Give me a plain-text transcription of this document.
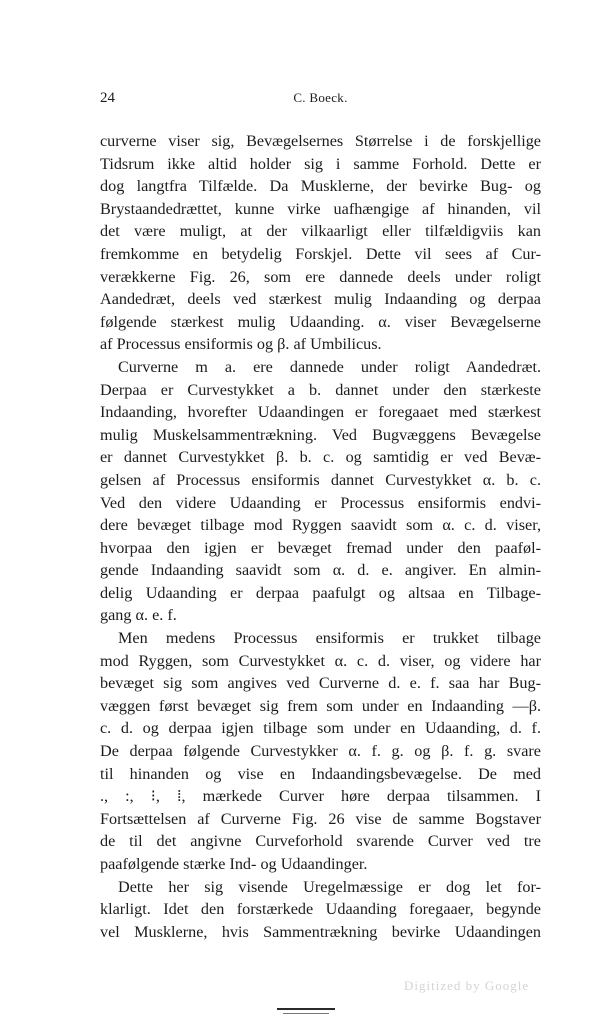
24	C. Boeck.
curverne viser sig, Bevægelsernes Størrelse i de forskjellige
Tidsrum ikke altid holder sig i samme Forhold. Dette er
dog langtfra Tilfælde. Da Musklerne, der bevirke Bug- og
Brystaandedrættet, kunne virke uafhængige af hinanden, vil
det være muligt, at der vilkaarligt eller tilfældigviis kan
fremkomme en betydelig Forskjel. Dette vil sees af Cur-
verækkerne Fig. 26, som ere dannede deels under roligt
Aandedræt, deels ved stærkest mulig Indaanding og derpaa
følgende stærkest mulig Udaanding. α. viser Bevægelserne
af Processus ensiformis og β. af Umbilicus.
Curverne m a. ere dannede under roligt Aandedræt.
Derpaa er Curvestykket a b. dannet under den stærkeste
Indaanding, hvorefter Udaandingen er foregaaet med stærkest
mulig Muskelsammentrækning. Ved Bugvæggens Bevægelse
er dannet Curvestykket β. b. c. og samtidig er ved Bevæ-
gelsen af Processus ensiformis dannet Curvestykket α. b. c.
Ved den videre Udaanding er Processus ensiformis endvi-
dere bevæget tilbage mod Ryggen saavidt som α. c. d. viser,
hvorpaa den igjen er bevæget fremad under den paaføl-
gende Indaanding saavidt som α. d. e. angiver. En almin-
delig Udaanding er derpaa paafulgt og altsaa en Tilbage-
gang α. e. f.
Men medens Processus ensiformis er trukket tilbage
mod Ryggen, som Curvestykket α. c. d. viser, og videre har
bevæget sig som angives ved Curverne d. e. f. saa har Bug-
væggen først bevæget sig frem som under en Indaanding —β.
c. d. og derpaa igjen tilbage som under en Udaanding, d. f.
De derpaa følgende Curvestykker α. f. g. og β. f. g. svare
til hinanden og vise en Indaandingsbevægelse. De med
., :, ⁝, ⁞, mærkede Curver høre derpaa tilsammen. I
Fortsættelsen af Curverne Fig. 26 vise de samme Bogstaver
de til det angivne Curveforhold svarende Curver ved tre
paafølgende stærke Ind- og Udaandinger.
Dette her sig visende Uregelmæssige er dog let for-
klarligt. Idet den forstærkede Udaanding foregaaer, begynde
vel Musklerne, hvis Sammentrækning bevirke Udaandingen
Digitized by Google
